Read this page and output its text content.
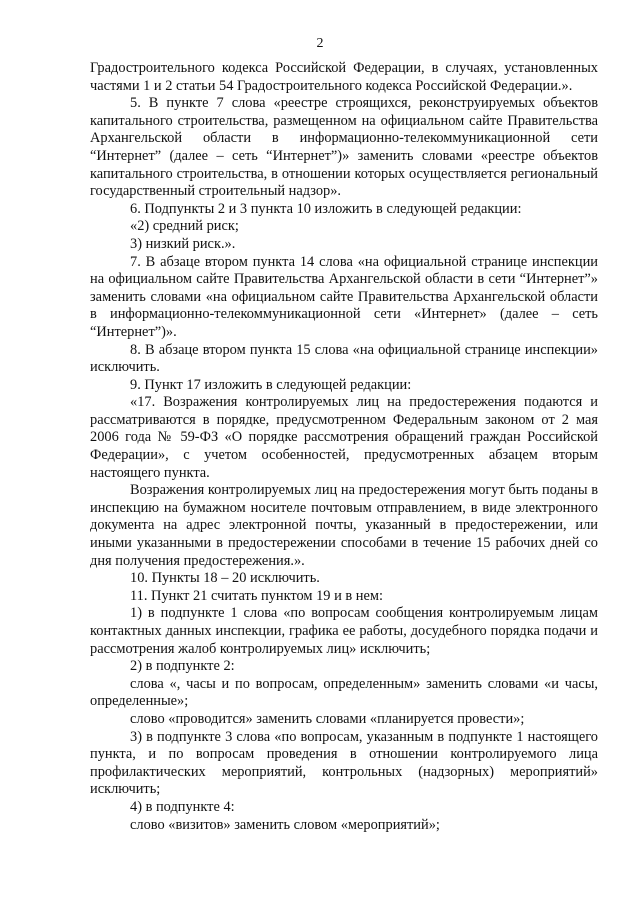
2

Градостроительного кодекса Российской Федерации, в случаях, установленных частями 1 и 2 статьи 54 Градостроительного кодекса Российской Федерации.».

5. В пункте 7 слова «реестре строящихся, реконструируемых объектов капитального строительства, размещенном на официальном сайте Правительства Архангельской области в информационно-телекоммуникационной сети “Интернет” (далее – сеть “Интернет”)» заменить словами «реестре объектов капитального строительства, в отношении которых осуществляется региональный государственный строительный надзор».

6. Подпункты 2 и 3 пункта 10 изложить в следующей редакции:

«2) средний риск;

3) низкий риск.».

7. В абзаце втором пункта 14 слова «на официальной странице инспекции на официальном сайте Правительства Архангельской области в сети “Интернет”» заменить словами «на официальном сайте Правительства Архангельской области в информационно-телекоммуникационной сети «Интернет» (далее – сеть “Интернет”)».

8. В абзаце втором пункта 15 слова «на официальной странице инспекции» исключить.

9. Пункт 17 изложить в следующей редакции:

«17. Возражения контролируемых лиц на предостережения подаются и рассматриваются в порядке, предусмотренном Федеральным законом от 2 мая 2006 года № 59-ФЗ «О порядке рассмотрения обращений граждан Российской Федерации», с учетом особенностей, предусмотренных абзацем вторым настоящего пункта.

Возражения контролируемых лиц на предостережения могут быть поданы в инспекцию на бумажном носителе почтовым отправлением, в виде электронного документа на адрес электронной почты, указанный в предостережении, или иными указанными в предостережении способами в течение 15 рабочих дней со дня получения предостережения.».

10. Пункты 18 – 20 исключить.

11. Пункт 21 считать пунктом 19 и в нем:

1) в подпункте 1 слова «по вопросам сообщения контролируемым лицам контактных данных инспекции, графика ее работы, досудебного порядка подачи и рассмотрения жалоб контролируемых лиц» исключить;

2) в подпункте 2:

слова «, часы и по вопросам, определенным» заменить словами «и часы, определенные»;

слово «проводится» заменить словами «планируется провести»;

3) в подпункте 3 слова «по вопросам, указанным в подпункте 1 настоящего пункта, и по вопросам проведения в отношении контролируемого лица профилактических мероприятий, контрольных (надзорных) мероприятий» исключить;

4) в подпункте 4:

слово «визитов» заменить словом «мероприятий»;
